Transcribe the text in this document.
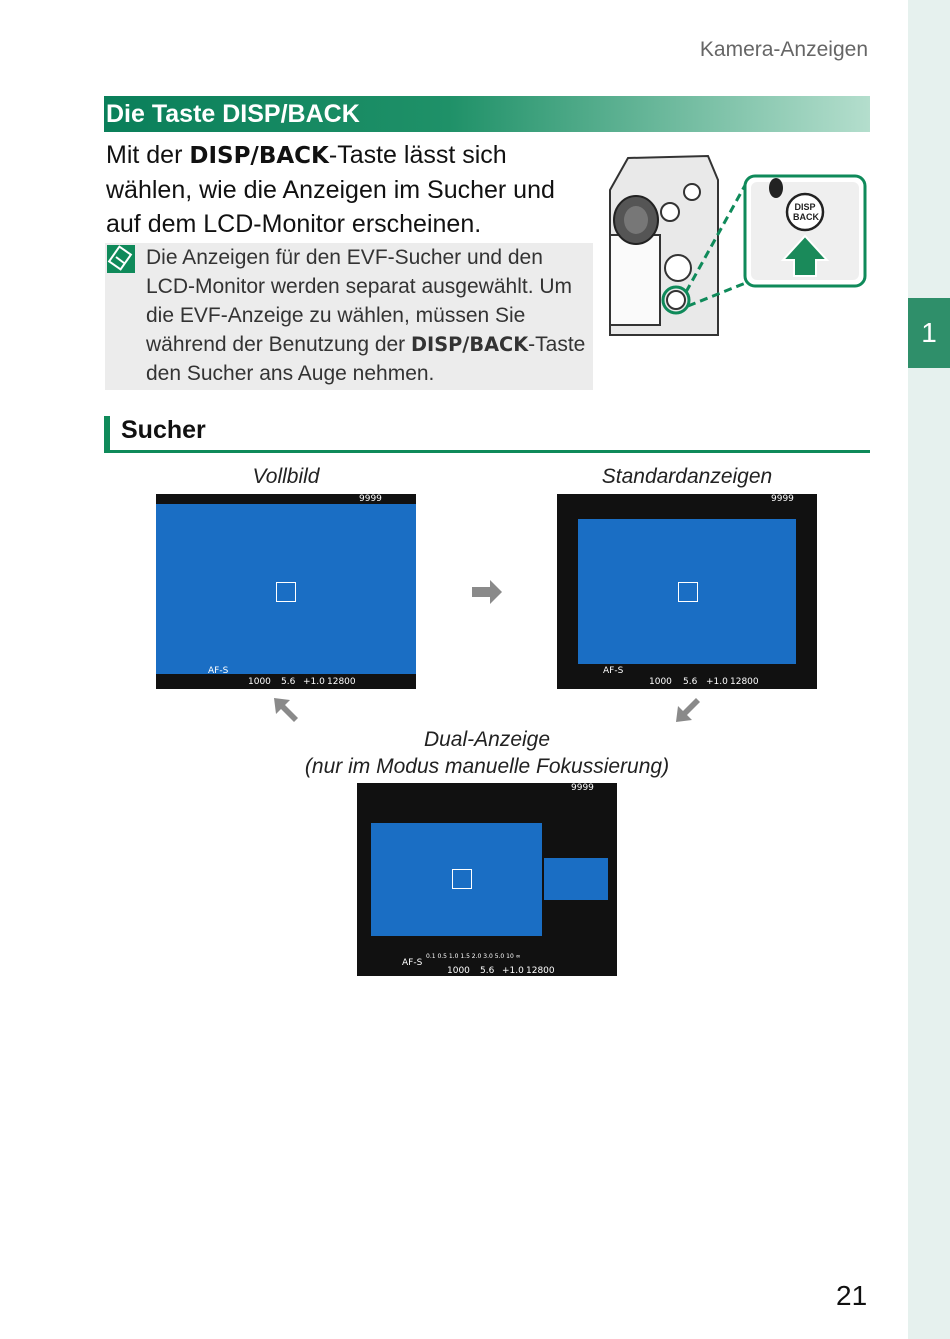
1
Kamera-Anzeigen
Die Taste DISP/BACK
Mit der DISP/BACK-Taste lässt sich wählen, wie die Anzeigen im Sucher und auf dem LCD-Monitor erscheinen.
Die Anzeigen für den EVF-Sucher und den LCD-Monitor werden separat ausgewählt. Um die EVF-Anzeige zu wählen, müssen Sie während der Benutzung der DISP/BACK-Taste den Sucher ans Auge nehmen.
DISP
BACK
Sucher
Vollbild	Standardanzeigen
Dual-Anzeige
(nur im Modus manuelle Fokussierung)
9999
AF-S
1000 5.6 +1.0 12800
9999
AF-S
1000 5.6 +1.0 12800
9999
AF-S
0.1 0.5 1.0 1.5 2.0 3.0 5.0 10 ∞
1000 5.6 +1.0 12800
21
